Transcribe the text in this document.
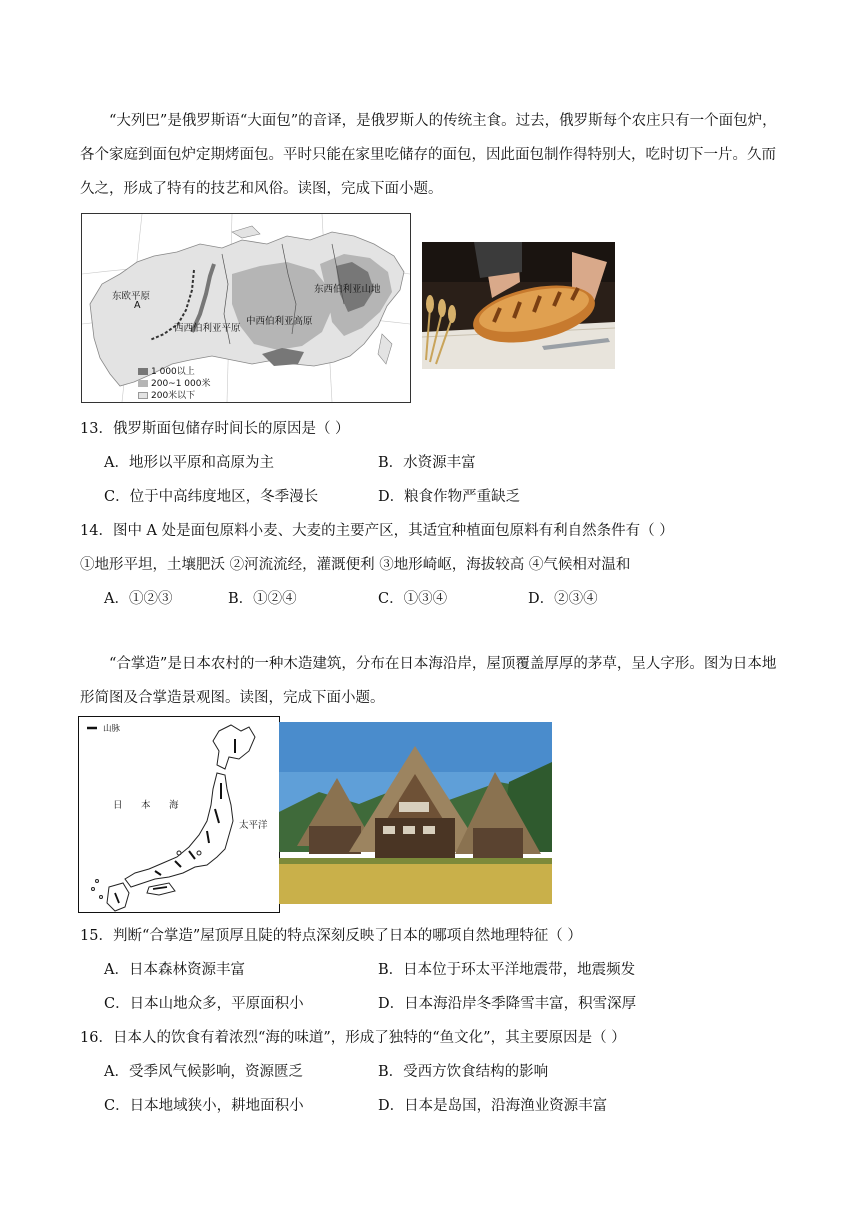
“大列巴”是俄罗斯语“大面包”的音译，是俄罗斯人的传统主食。过去，俄罗斯每个农庄只有一个面包炉，各个家庭到面包炉定期烤面包。平时只能在家里吃储存的面包，因此面包制作得特别大，吃时切下一片。久而久之，形成了特有的技艺和风俗。读图，完成下面小题。
东欧平原
A
西西伯利亚平原
中西伯利亚高原
东西伯利亚山地
1 000以上
200~1 000米
200米以下
13．俄罗斯面包储存时间长的原因是（ ）
A．地形以平原和高原为主	B．水资源丰富
C．位于中高纬度地区，冬季漫长	D．粮食作物严重缺乏
14．图中 A 处是面包原料小麦、大麦的主要产区，其适宜种植面包原料有利自然条件有（ ）
①地形平坦，土壤肥沃 ②河流流经，灌溉便利 ③地形崎岖，海拔较高 ④气候相对温和
A．①②③	B．①②④	C．①③④	D．②③④
“合掌造”是日本农村的一种木造建筑，分布在日本海沿岸，屋顶覆盖厚厚的茅草，呈人字形。图为日本地形简图及合掌造景观图。读图，完成下面小题。
山脉
日 本 海
太平洋
15．判断“合掌造”屋顶厚且陡的特点深刻反映了日本的哪项自然地理特征（ ）
A．日本森林资源丰富	B．日本位于环太平洋地震带，地震频发
C．日本山地众多，平原面积小	D．日本海沿岸冬季降雪丰富，积雪深厚
16．日本人的饮食有着浓烈“海的味道”，形成了独特的“鱼文化”，其主要原因是（ ）
A．受季风气候影响，资源匮乏	B．受西方饮食结构的影响
C．日本地域狭小，耕地面积小	D．日本是岛国，沿海渔业资源丰富
